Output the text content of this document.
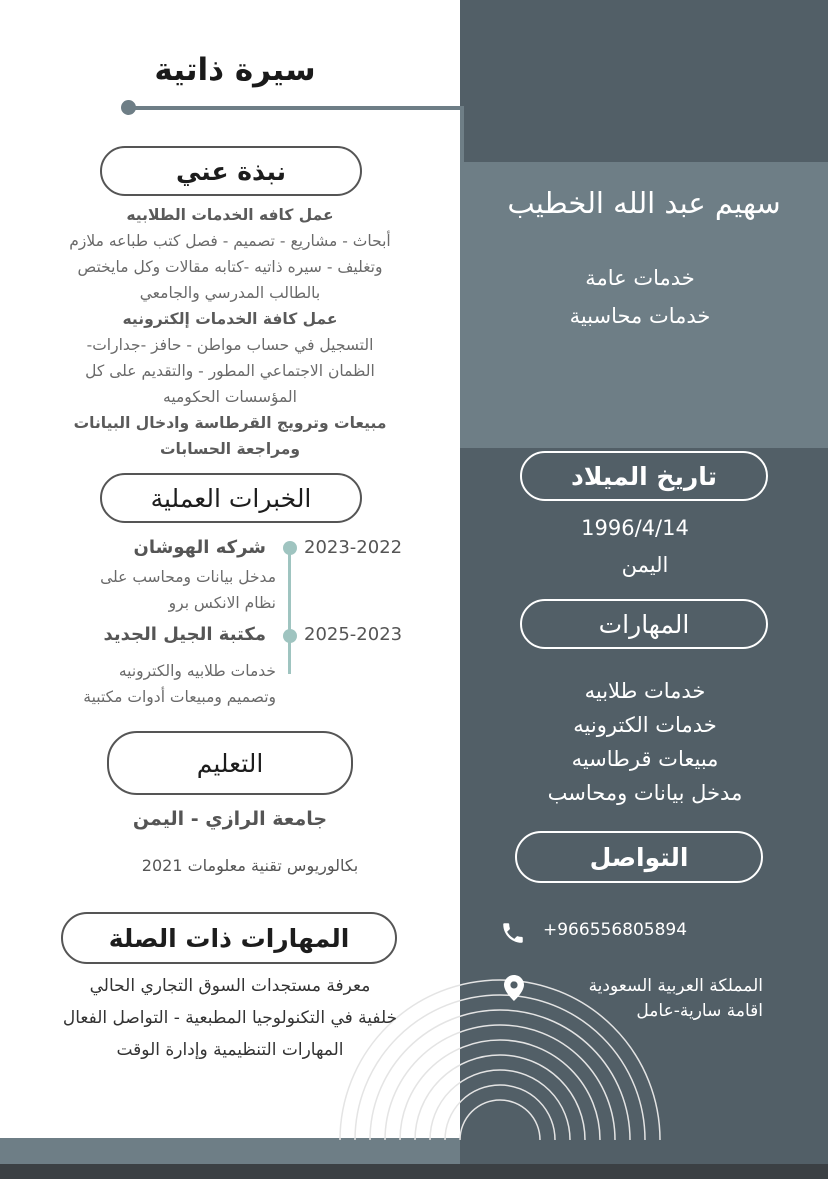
سيرة ذاتية
سهيم عبد الله الخطيب
خدمات عامة
خدمات محاسبية
نبذة عني
عمل كافه الخدمات الطلابيه
أبحاث - مشاريع - تصميم - فصل كتب طباعه ملازم
وتغليف - سيره ذاتيه -كتابه مقالات وكل مايختص
بالطالب المدرسي والجامعي
عمل كافة الخدمات إلكترونيه
التسجيل في حساب مواطن - حافز -جدارات-
الظمان الاجتماعي المطور - والتقديم على كل
المؤسسات الحكوميه
مبيعات وترويج القرطاسة وادخال البيانات
ومراجعة الحسابات
الخبرات العملية
2023-2022
شركه الهوشان
مدخل بيانات ومحاسب على
نظام الانكس برو
2025-2023
مكتبة الجيل الجديد
خدمات طلابيه والكترونيه
وتصميم ومبيعات أدوات مكتبية
التعليم
جامعة الرازي - اليمن
بكالوريوس تقنية معلومات 2021
المهارات ذات الصلة
معرفة مستجدات السوق التجاري الحالي
خلفية في التكنولوجيا المطبعية - التواصل الفعال
المهارات التنظيمية وإدارة الوقت
تاريخ الميلاد
1996/4/14
اليمن
المهارات
خدمات طلابيه
خدمات الكترونيه
مبيعات قرطاسيه
مدخل بيانات ومحاسب
التواصل
+966556805894
المملكة العربية السعودية
اقامة سارية-عامل
